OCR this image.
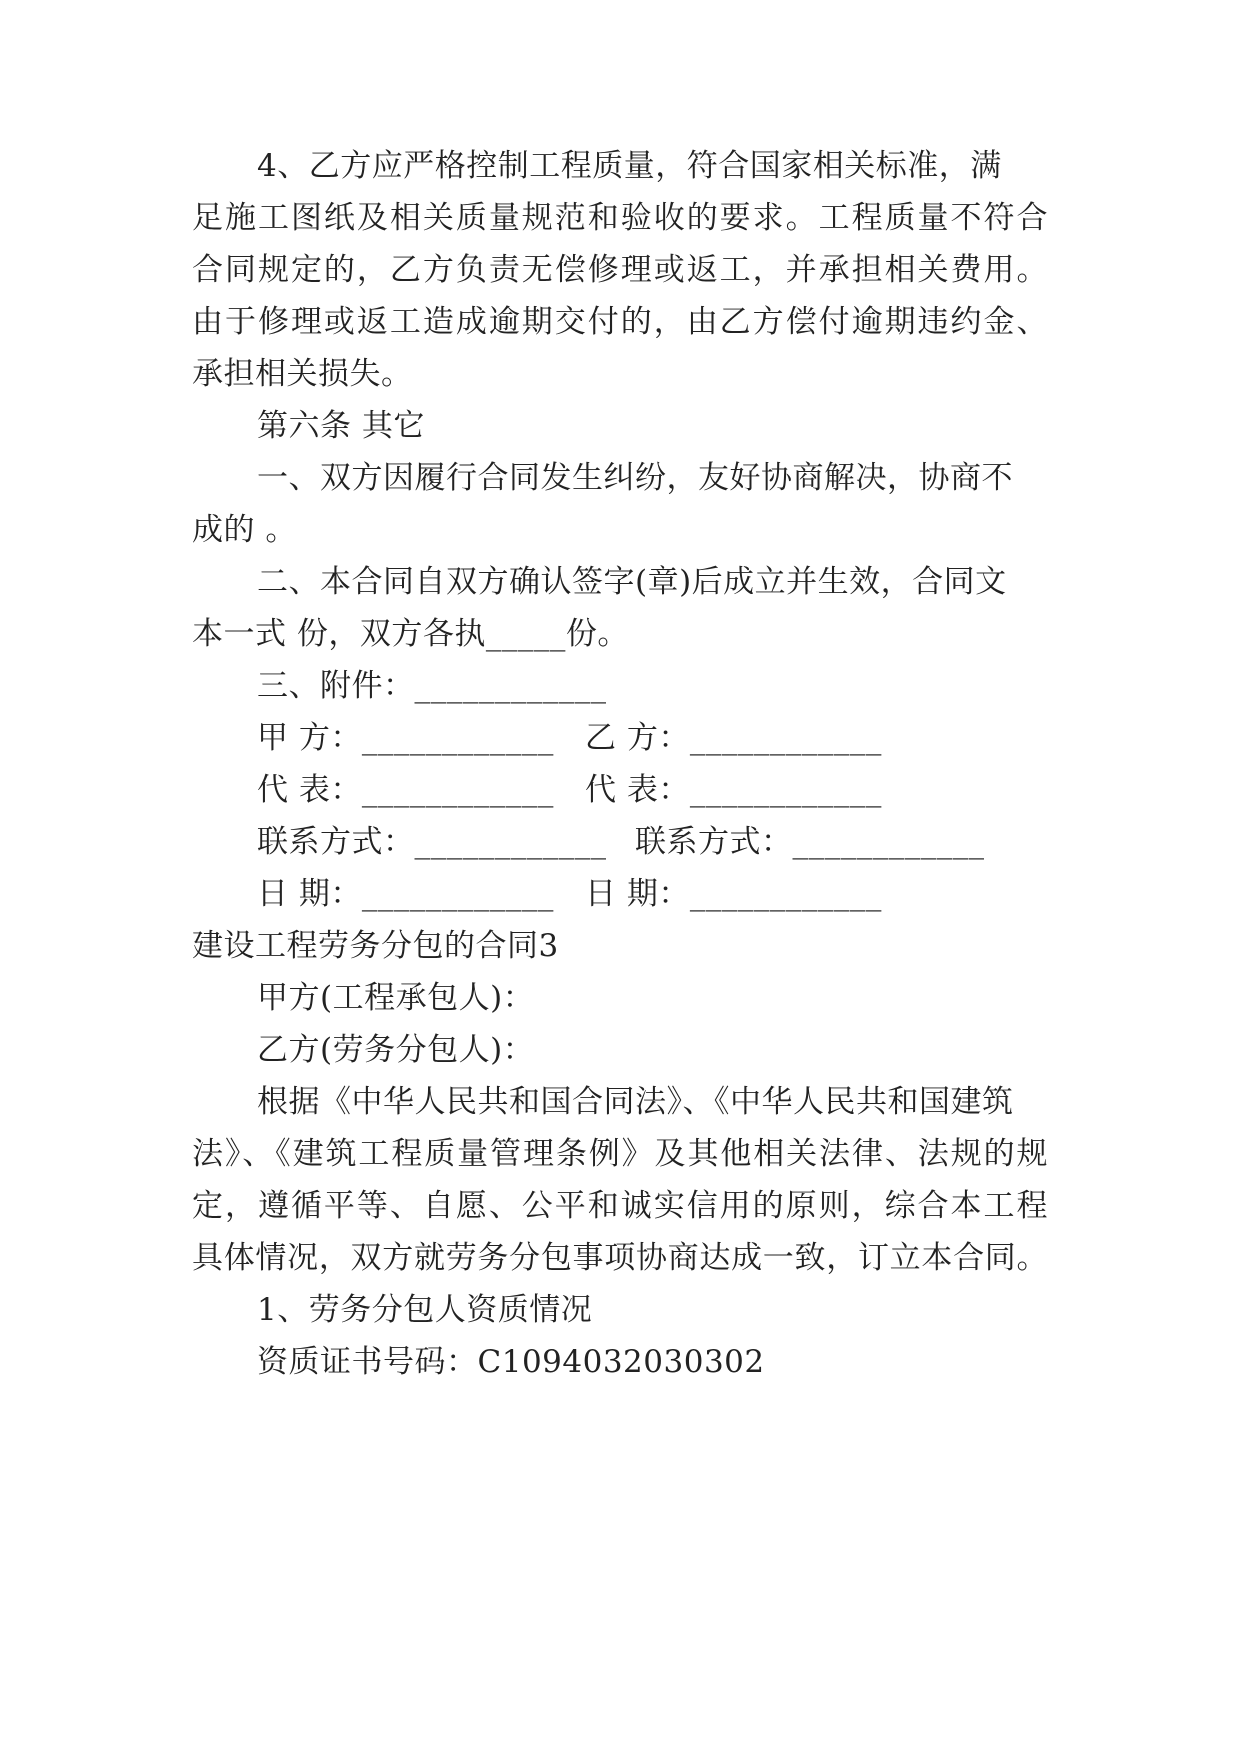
4、乙方应严格控制工程质量，符合国家相关标准，满
足施工图纸及相关质量规范和验收的要求。工程质量不符合
合同规定的，乙方负责无偿修理或返工，并承担相关费用。
由于修理或返工造成逾期交付的，由乙方偿付逾期违约金、
承担相关损失。
第六条 其它
一、双方因履行合同发生纠纷，友好协商解决，协商不
成的 。
二、本合同自双方确认签字(章)后成立并生效，合同文
本一式 份，双方各执_____份。
三、附件：____________
甲 方：____________ 乙 方：____________
代 表：____________ 代 表：____________
联系方式：____________ 联系方式：____________
日 期：____________ 日 期：____________
建设工程劳务分包的合同3
甲方(工程承包人)：
乙方(劳务分包人)：
根据《中华人民共和国合同法》、《中华人民共和国建筑
法》、《建筑工程质量管理条例》及其他相关法律、法规的规
定，遵循平等、自愿、公平和诚实信用的原则，综合本工程
具体情况，双方就劳务分包事项协商达成一致，订立本合同。
1、劳务分包人资质情况
资质证书号码：C1094032030302
